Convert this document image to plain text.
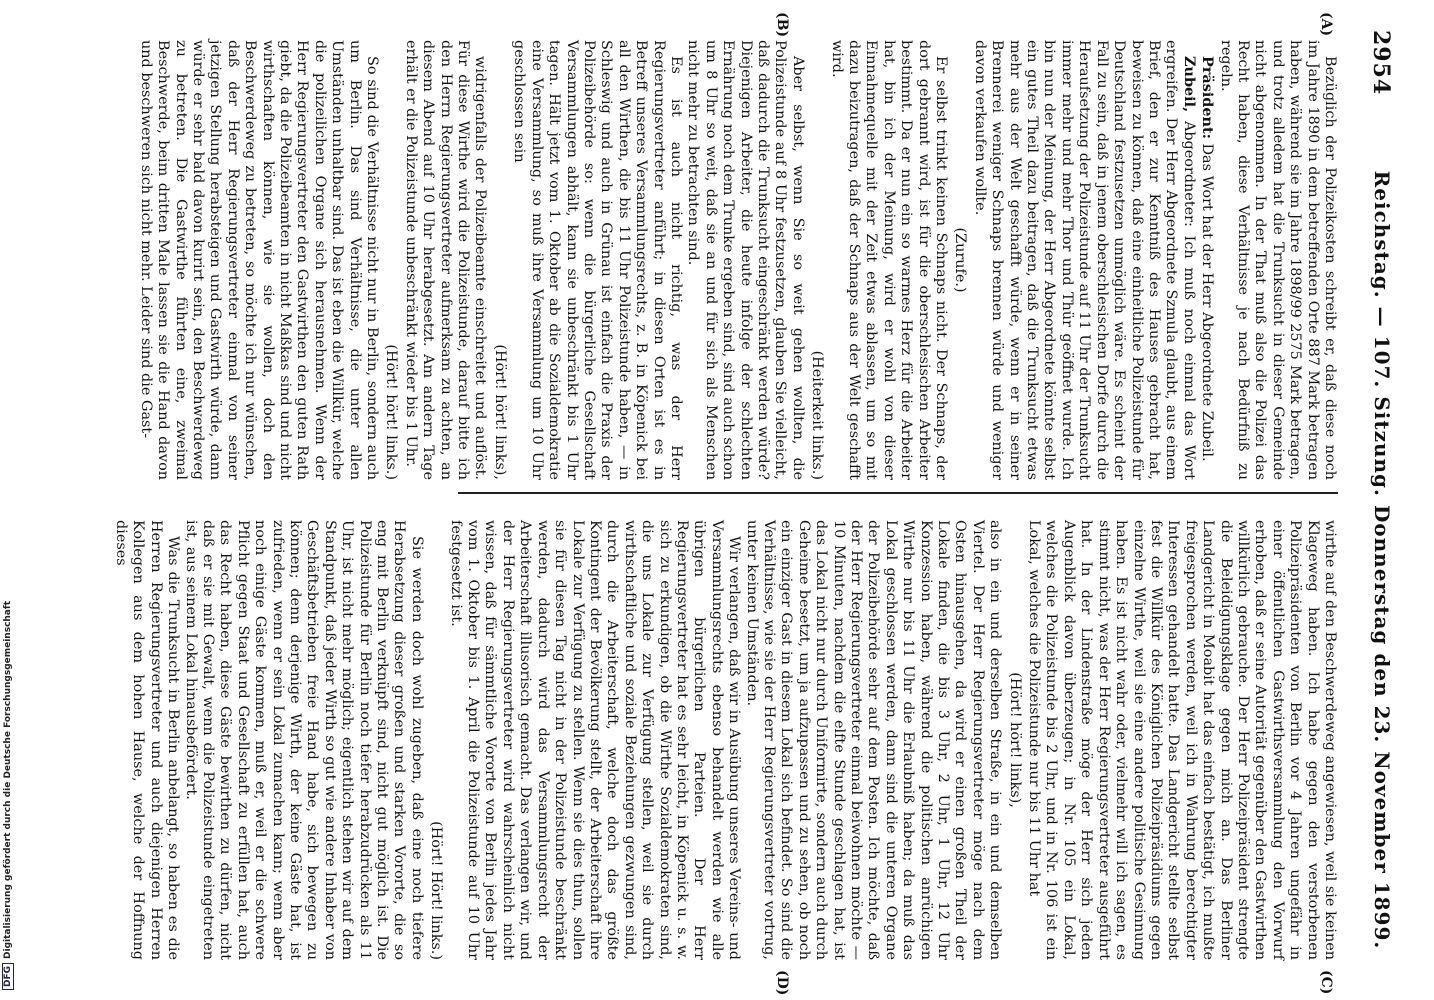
2954
Reichstag. — 107. Sitzung. Donnerstag den 23. November 1899.
(A)
(B)
(C)
(D)

Bezüglich der Polizeikosten schreibt er, daß diese noch im Jahre 1890 in dem betreffenden Orte 887 Mark betragen haben, während sie im Jahre 1898/99 2575 Mark betragen, und trotz alledem hat die Trunksucht in dieser Gemeinde nicht abgenommen. In der That muß also die Polizei das Recht haben, diese Verhältnisse je nach Bedürfniß zu regeln.

Präsident: Das Wort hat der Herr Abgeordnete Zubeil.

Zubeil, Abgeordneter: Ich muß noch einmal das Wort ergreifen. Der Herr Abgeordnete Szmula glaubt, aus einem Brief, den er zur Kenntniß des Hauses gebracht hat, beweisen zu können, daß eine einheitliche Polizeistunde für Deutschland festzusetzen unmöglich wäre. Es scheint der Fall zu sein, daß in jenem oberschlesischen Dorfe durch die Heraufsetzung der Polizeistunde auf 11 Uhr der Trunksucht immer mehr und mehr Thor und Thür geöffnet wurde. Ich bin nun der Meinung, der Herr Abgeordnete könnte selbst ein gutes Theil dazu beitragen, daß die Trunksucht etwas mehr aus der Welt geschafft würde, wenn er in seiner Brennerei weniger Schnaps brennen würde und weniger davon verkaufen wollte.

(Zurufe.)

Er selbst trinkt keinen Schnaps nicht. Der Schnaps, der dort gebrannt wird, ist für die oberschlesischen Arbeiter bestimmt. Da er nun ein so warmes Herz für die Arbeiter hat, bin ich der Meinung, wird er wohl von dieser Einnahmequelle mit der Zeit etwas ablassen, um so mit dazu beizutragen, daß der Schnaps aus der Welt geschafft wird.

(Heiterkeit links.)

Aber selbst, wenn Sie so weit gehen wollten, die Polizeistunde auf 8 Uhr festzusetzen, glauben Sie vielleicht, daß dadurch die Trunksucht eingeschränkt werden würde? Diejenigen Arbeiter, die heute infolge der schlechten Ernährung noch dem Trunke ergeben sind, sind auch schon um 8 Uhr so weit, daß sie an und für sich als Menschen nicht mehr zu betrachten sind.

Es ist auch nicht richtig, was der Herr Regierungsvertreter anführt; in diesen Orten ist es in Betreff unseres Versammlungsrechts, z. B. in Köpenick bei all den Wirthen, die bis 11 Uhr Polizeistunde haben, — in Schleswig und auch in Grünau ist einfach die Praxis der Polizeibehörde so: wenn die bürgerliche Gesellschaft Versammlungen abhält, kann sie unbeschränkt bis 1 Uhr tagen. Hält jetzt vom 1. Oktober ab die Sozialdemokratie eine Versammlung, so muß ihre Versammlung um 10 Uhr geschlossen sein

(Hört! hört! links),

widrigenfalls der Polizeibeamte einschreitet und auflöst. Für diese Wirthe wird die Polizeistunde, darauf bitte ich den Herrn Regierungsvertreter aufmerksam zu achten, an diesem Abend auf 10 Uhr herabgesetzt. Am andern Tage erhält er die Polizeistunde unbeschränkt wieder bis 1 Uhr.

(Hört! hört! links.)

So sind die Verhältnisse nicht nur in Berlin, sondern auch um Berlin. Das sind Verhältnisse, die unter allen Umständen unhaltbar sind. Das ist eben die Willkür, welche die polizeilichen Organe sich herausnehmen. Wenn der Herr Regierungsvertreter den Gastwirthen den guten Rath giebt, da die Polizeibeamten in nicht Maßkas sind und nicht wirthschaften können, wie sie wollen, doch den Beschwerdeweg zu betreten, so möchte ich nur wünschen, daß der Herr Regierungsvertreter einmal von seiner jetzigen Stellung herabsteigen und Gastwirth würde, dann würde er sehr bald davon kurirt sein, den Beschwerdeweg zu betreten. Die Gastwirthe führten eine, zweimal Beschwerde, beim dritten Male lassen sie die Hand davon und beschweren sich nicht mehr. Leider sind die Gast-

wirthe auf den Beschwerdeweg angewiesen, weil sie keinen Klageweg haben. Ich habe gegen den verstorbenen Polizeipräsidenten von Berlin vor 4 Jahren ungefähr in einer öffentlichen Gastwirthsversammlung den Vorwurf erhoben, daß er seine Autorität gegenüber den Gastwirthen willkürlich gebrauche. Der Herr Polizeipräsident strengte die Beleidigungsklage gegen mich an. Das Berliner Landgericht in Moabit hat das einfach bestätigt, ich mußte freigesprochen werden, weil ich in Wahrung berechtigter Interessen gehandelt hatte. Das Landgericht stellte selbst fest die Willkür des Königlichen Polizeipräsidiums gegen einzelne Wirthe, weil sie eine andere politische Gesinnung haben. Es ist nicht wahr oder, vielmehr will ich sagen, es stimmt nicht, was der Herr Regierungsvertreter ausgeführt hat. In der Lindenstraße möge der Herr sich jeden Augenblick davon überzeugen; in Nr. 105 ein Lokal, welches die Polizeistunde bis 2 Uhr, und in Nr. 106 ist ein Lokal, welches die Polizeistunde nur bis 11 Uhr hat

(Hört! hört! links),

also in ein und derselben Straße, in ein und demselben Viertel. Der Herr Regierungsvertreter möge nach dem Osten hinausgehen, da wird er einen großen Theil der Lokale finden, die bis 3 Uhr, 2 Uhr, 1 Uhr, 12 Uhr Konzession haben, während die politischen anrüchigen Wirthe nur bis 11 Uhr die Erlaubniß haben; da muß das Lokal geschlossen werden, dann sind die unteren Organe der Polizeibehörde sehr auf dem Posten. Ich möchte, daß der Herr Regierungsvertreter einmal beiwohnen möchte — 10 Minuten, nachdem die elfte Stunde geschlagen hat, ist das Lokal nicht nur durch Uniformirte, sondern auch durch Geheime besetzt, um ja aufzupassen und zu sehen, ob noch ein einziger Gast in diesem Lokal sich befindet. So sind die Verhältnisse, wie sie der Herr Regierungsvertreter vortrug, unter keinen Umständen.

Wir verlangen, daß wir in Ausübung unseres Vereins- und Versammlungsrechts ebenso behandelt werden wie alle übrigen bürgerlichen Parteien. Der Herr Regierungsvertreter hat es sehr leicht, in Köpenick u. s. w. sich zu erkundigen, ob die Wirthe Sozialdemokraten sind, die uns Lokale zur Verfügung stellen, weil sie durch wirthschaftliche und soziale Beziehungen gezwungen sind, durch die Arbeiterschaft, welche doch das größte Kontingent der Bevölkerung stellt, der Arbeiterschaft ihre Lokale zur Verfügung zu stellen. Wenn sie dies thun, sollen sie für diesen Tag nicht in der Polizeistunde beschränkt werden, dadurch wird das Versammlungsrecht der Arbeiterschaft illusorisch gemacht. Das verlangen wir, und der Herr Regierungsvertreter wird wahrscheinlich nicht wissen, daß für sämmtliche Vororte von Berlin jedes Jahr vom 1. Oktober bis 1. April die Polizeistunde auf 10 Uhr festgesetzt ist.

(Hört! Hört! links.)

Sie werden doch wohl zugeben, daß eine noch tiefere Herabsetzung dieser großen und starken Vororte, die so eng mit Berlin verknüpft sind, nicht gut möglich ist. Die Polizeistunde für Berlin noch tiefer herabzudrücken als 11 Uhr, ist nicht mehr möglich; eigentlich stehen wir auf dem Standpunkt, daß jeder Wirth so gut wie andere Inhaber von Geschäftsbetrieben freie Hand habe, sich bewegen zu können; denn derjenige Wirth, der keine Gäste hat, ist zufrieden, wenn er sein Lokal zumachen kann; wenn aber noch einige Gäste kommen, muß er, weil er die schwere Pflicht gegen Staat und Gesellschaft zu erfüllen hat, auch das Recht haben, diese Gäste bewirthen zu dürfen, nicht daß er sie mit Gewalt, wenn die Polizeistunde eingetreten ist, aus seinem Lokal hinausbefördert.

Was die Trunksucht in Berlin anbelangt, so haben es die Herren Regierungsvertreter und auch diejenigen Herren Kollegen aus dem hohen Hause, welche der Hoffnung dieses

DFGDigitalisierung gefördert durch die Deutsche Forschungsgemeinschaft
